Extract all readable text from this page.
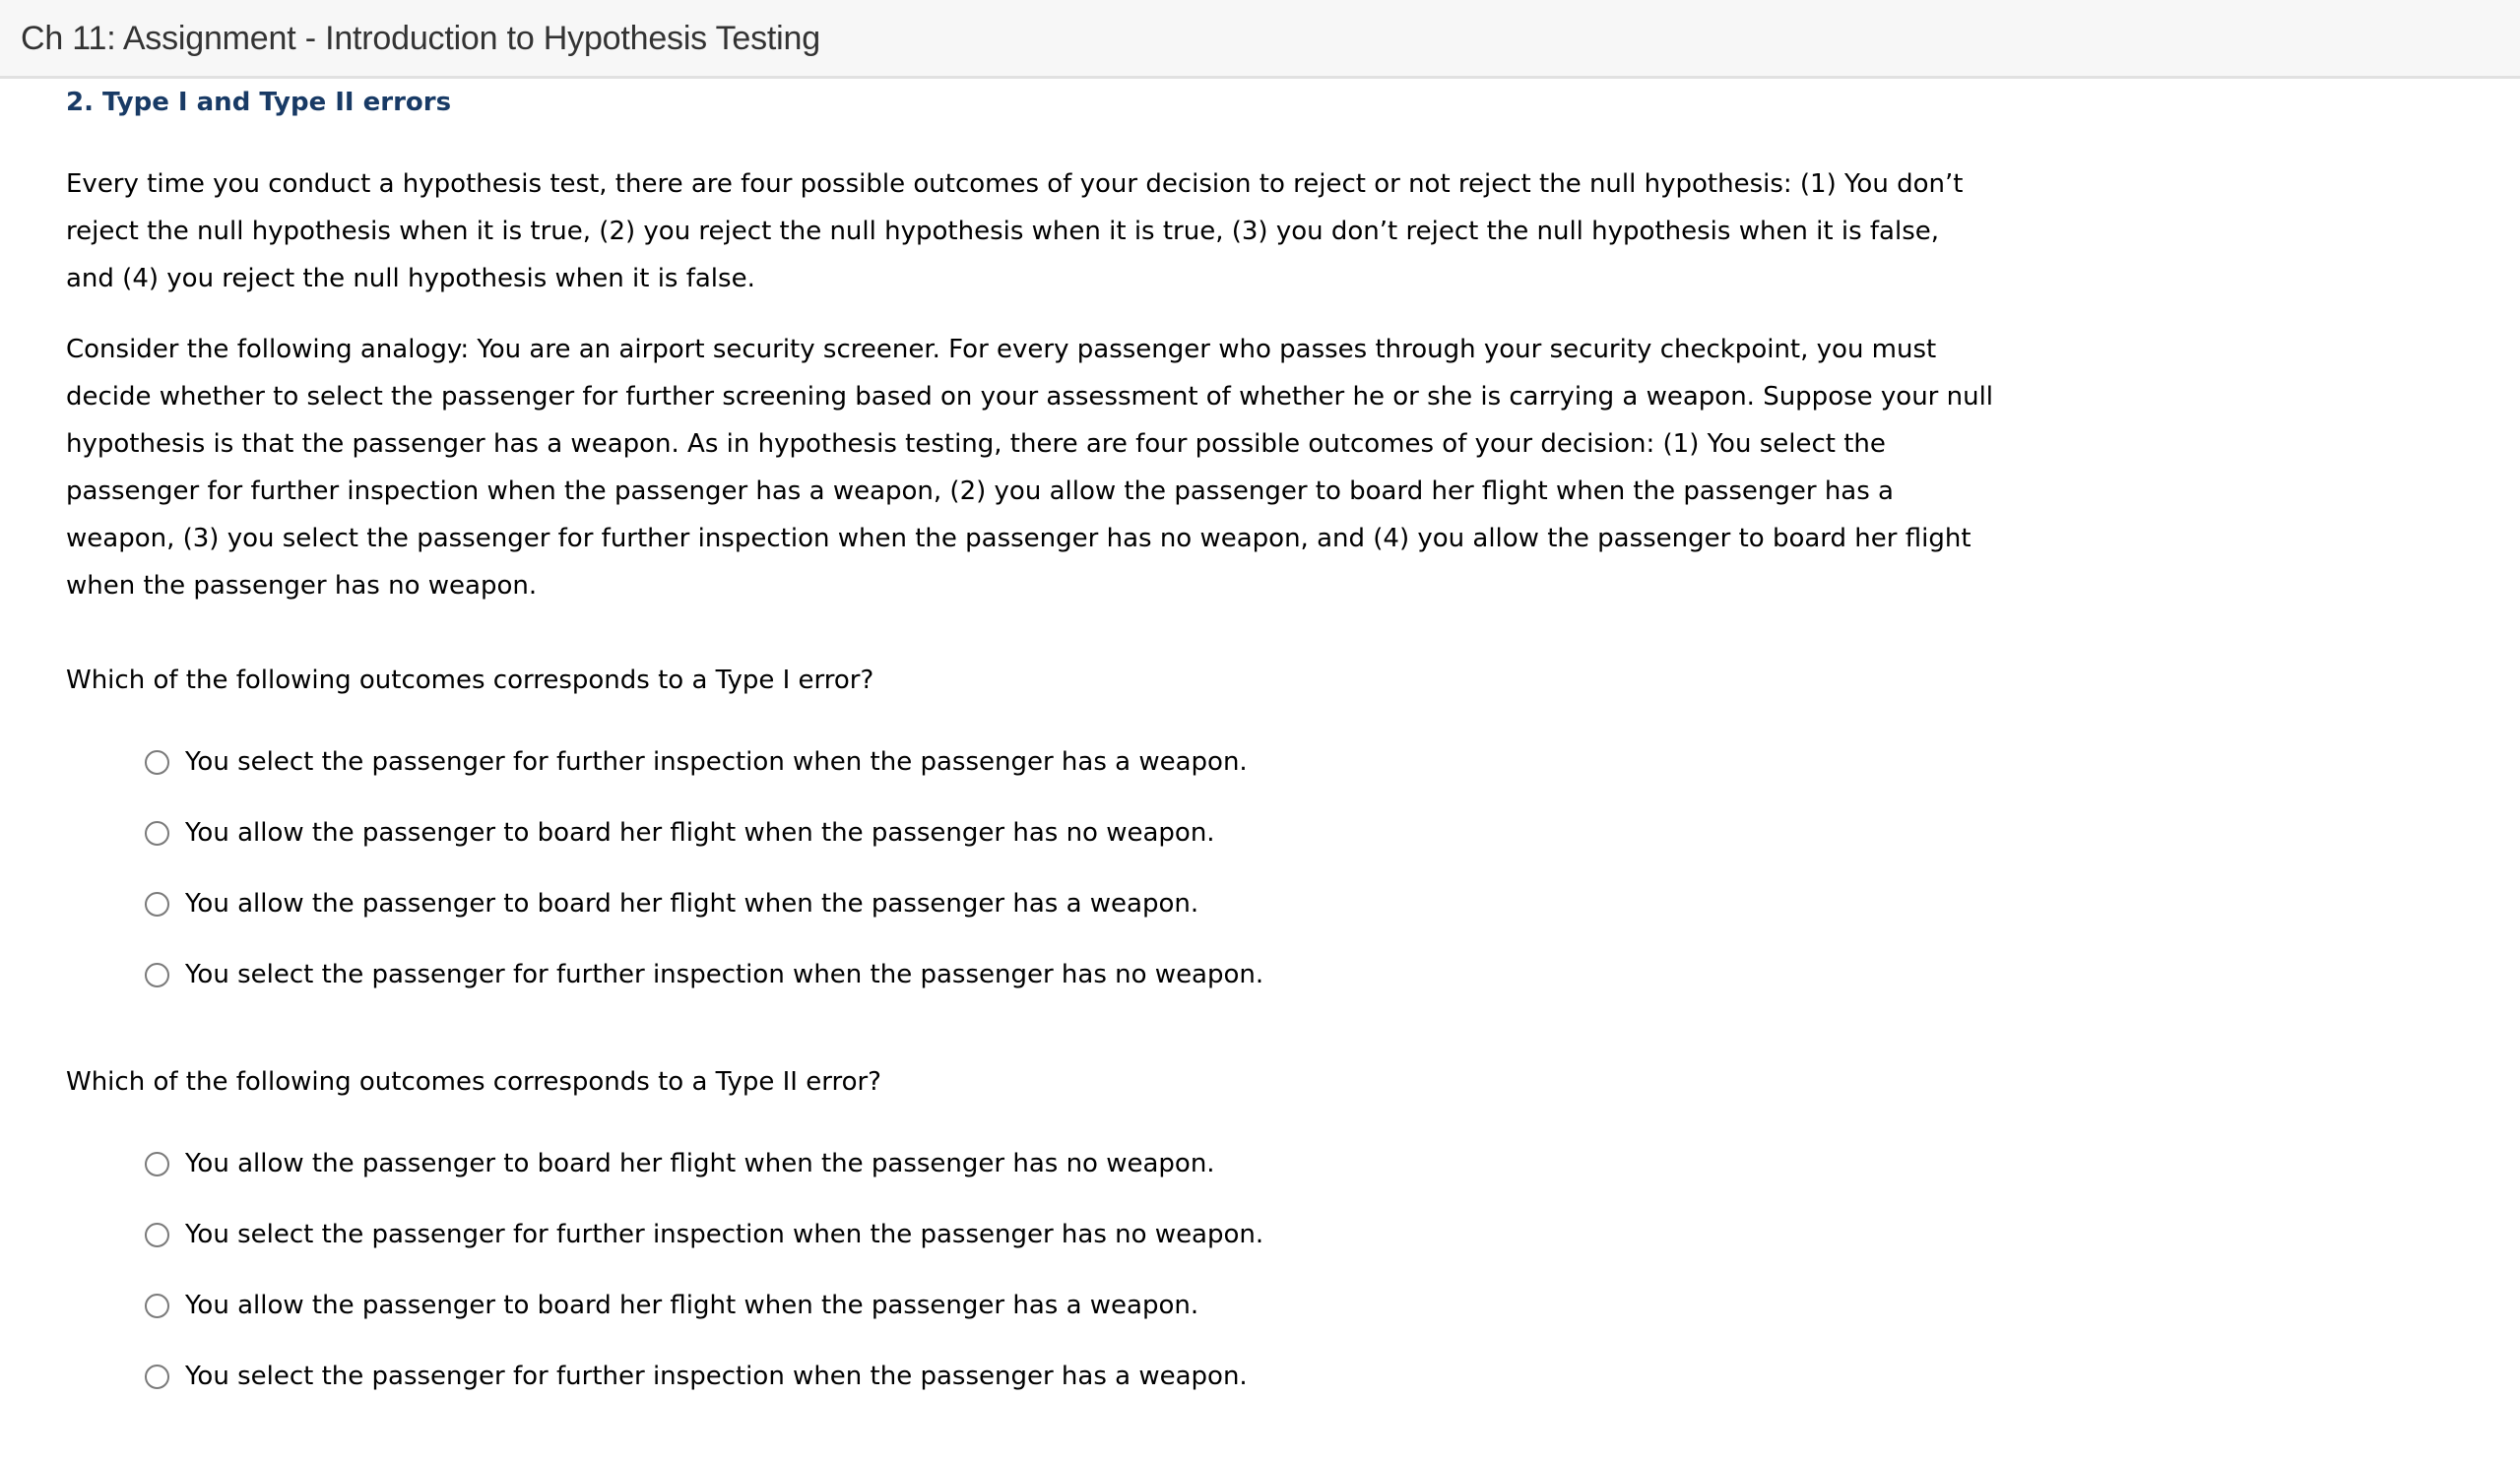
Ch 11: Assignment - Introduction to Hypothesis Testing
2. Type I and Type II errors
Every time you conduct a hypothesis test, there are four possible outcomes of your decision to reject or not reject the null hypothesis: (1) You don’t
reject the null hypothesis when it is true, (2) you reject the null hypothesis when it is true, (3) you don’t reject the null hypothesis when it is false,
and (4) you reject the null hypothesis when it is false.
Consider the following analogy: You are an airport security screener. For every passenger who passes through your security checkpoint, you must
decide whether to select the passenger for further screening based on your assessment of whether he or she is carrying a weapon. Suppose your null
hypothesis is that the passenger has a weapon. As in hypothesis testing, there are four possible outcomes of your decision: (1) You select the
passenger for further inspection when the passenger has a weapon, (2) you allow the passenger to board her flight when the passenger has a
weapon, (3) you select the passenger for further inspection when the passenger has no weapon, and (4) you allow the passenger to board her flight
when the passenger has no weapon.
Which of the following outcomes corresponds to a Type I error?
You select the passenger for further inspection when the passenger has a weapon.
You allow the passenger to board her flight when the passenger has no weapon.
You allow the passenger to board her flight when the passenger has a weapon.
You select the passenger for further inspection when the passenger has no weapon.
Which of the following outcomes corresponds to a Type II error?
You allow the passenger to board her flight when the passenger has no weapon.
You select the passenger for further inspection when the passenger has no weapon.
You allow the passenger to board her flight when the passenger has a weapon.
You select the passenger for further inspection when the passenger has a weapon.
